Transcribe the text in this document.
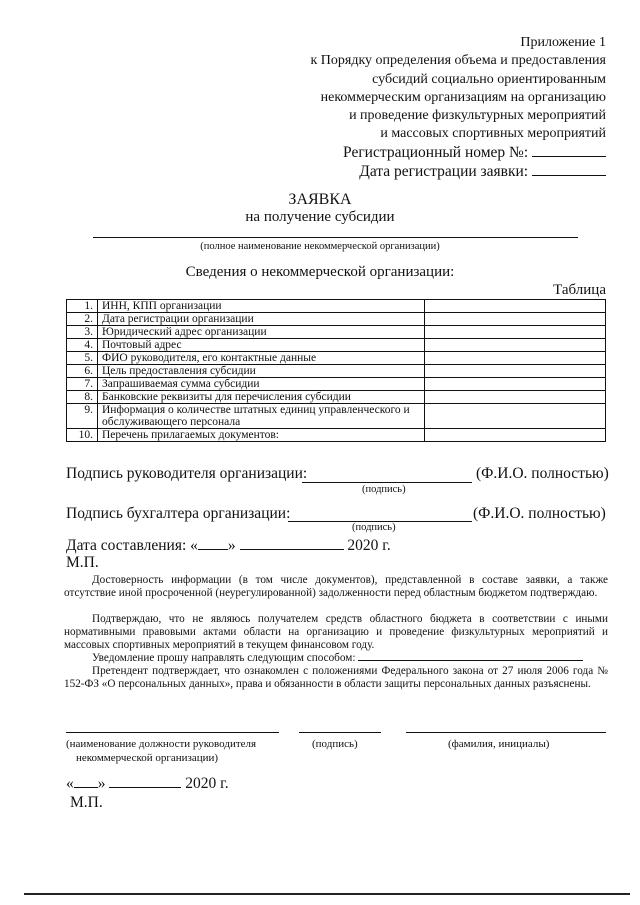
Приложение 1
к Порядку определения объема и предоставления
субсидий социально ориентированным
некоммерческим организациям на организацию
и проведение физкультурных мероприятий
и массовых спортивных мероприятий
Регистрационный номер №:
Дата регистрации заявки:
ЗАЯВКА
на получение субсидии
(полное наименование некоммерческой организации)
Сведения о некоммерческой организации:
Таблица
1.	ИНН, КПП организации	
2.	Дата регистрации организации	
3.	Юридический адрес организации	
4.	Почтовый адрес	
5.	ФИО руководителя, его контактные данные	
6.	Цель предоставления субсидии	
7.	Запрашиваемая сумма субсидии	
8.	Банковские реквизиты для перечисления субсидии	
9.	Информация о количестве штатных единиц управленческого и обслуживающего персонала	
10.	Перечень прилагаемых документов:	
Подпись руководителя организации:	(Ф.И.О. полностью)
(подпись)
Подпись бухгалтера организации:	(Ф.И.О. полностью)
(подпись)
Дата составления: « »	2020 г.
М.П.
Достоверность информации (в том числе документов), представленной в составе заявки, а также отсутствие иной просроченной (неурегулированной) задолженности перед областным бюджетом подтверждаю.
Подтверждаю, что не являюсь получателем средств областного бюджета в соответствии с иными нормативными правовыми актами области на организацию и проведение физкультурных мероприятий и массовых спортивных мероприятий в текущем финансовом году.
Уведомление прошу направлять следующим способом:
Претендент подтверждает, что ознакомлен с положениями Федерального закона от 27 июля 2006 года № 152-ФЗ «О персональных данных», права и обязанности в области защиты персональных данных разъяснены.
(наименование должности руководителя
некоммерческой организации)
(подпись)	(фамилия, инициалы)
« »	2020 г.
М.П.
